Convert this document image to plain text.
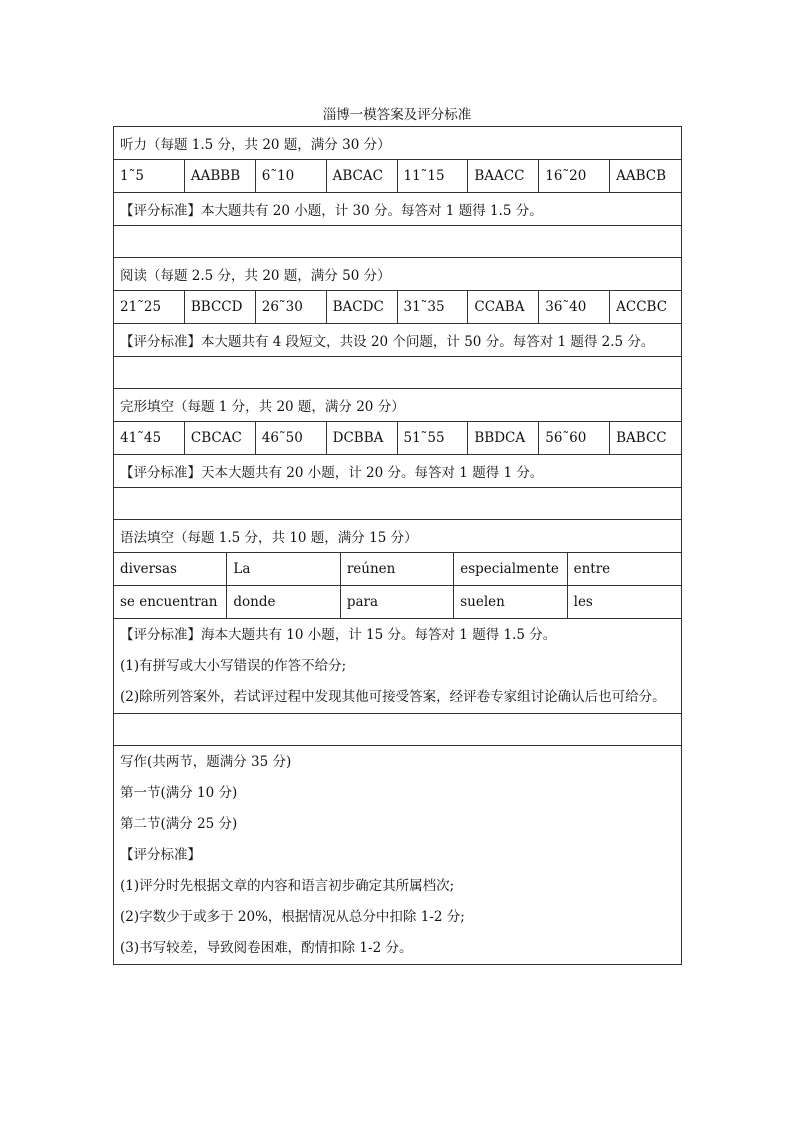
淄博一模答案及评分标准
听力（每题 1.5 分，共 20 题，满分 30 分）
1˜5	AABBB	6˜10	ABCAC	11˜15	BAACC	16˜20	AABCB
【评分标准】本大题共有 20 小题，计 30 分。每答对 1 题得 1.5 分。
阅读（每题 2.5 分，共 20 题，满分 50 分）
21˜25	BBCCD	26˜30	BACDC	31˜35	CCABA	36˜40	ACCBC
【评分标准】本大题共有 4 段短文，共设 20 个问题，计 50 分。每答对 1 题得 2.5 分。
完形填空（每题 1 分，共 20 题，满分 20 分）
41˜45	CBCAC	46˜50	DCBBA	51˜55	BBDCA	56˜60	BABCC
【评分标准】天本大题共有 20 小题，计 20 分。每答对 1 题得 1 分。
语法填空（每题 1.5 分，共 10 题，满分 15 分）
diversas	La	reúnen	especialmente	entre
se encuentran	donde	para	suelen	les
【评分标准】海本大题共有 10 小题，计 15 分。每答对 1 题得 1.5 分。
(1)有拼写或大小写错误的作答不给分;
(2)除所列答案外，若试评过程中发现其他可接受答案，经评卷专家组讨论确认后也可给分。
写作(共两节，题满分 35 分)
第一节(满分 10 分)
第二节(满分 25 分)
【评分标准】
(1)评分时先根据文章的内容和语言初步确定其所属档次;
(2)字数少于或多于 20%，根据情况从总分中扣除 1-2 分;
(3)书写较差，导致阅卷困难，酌情扣除 1-2 分。
